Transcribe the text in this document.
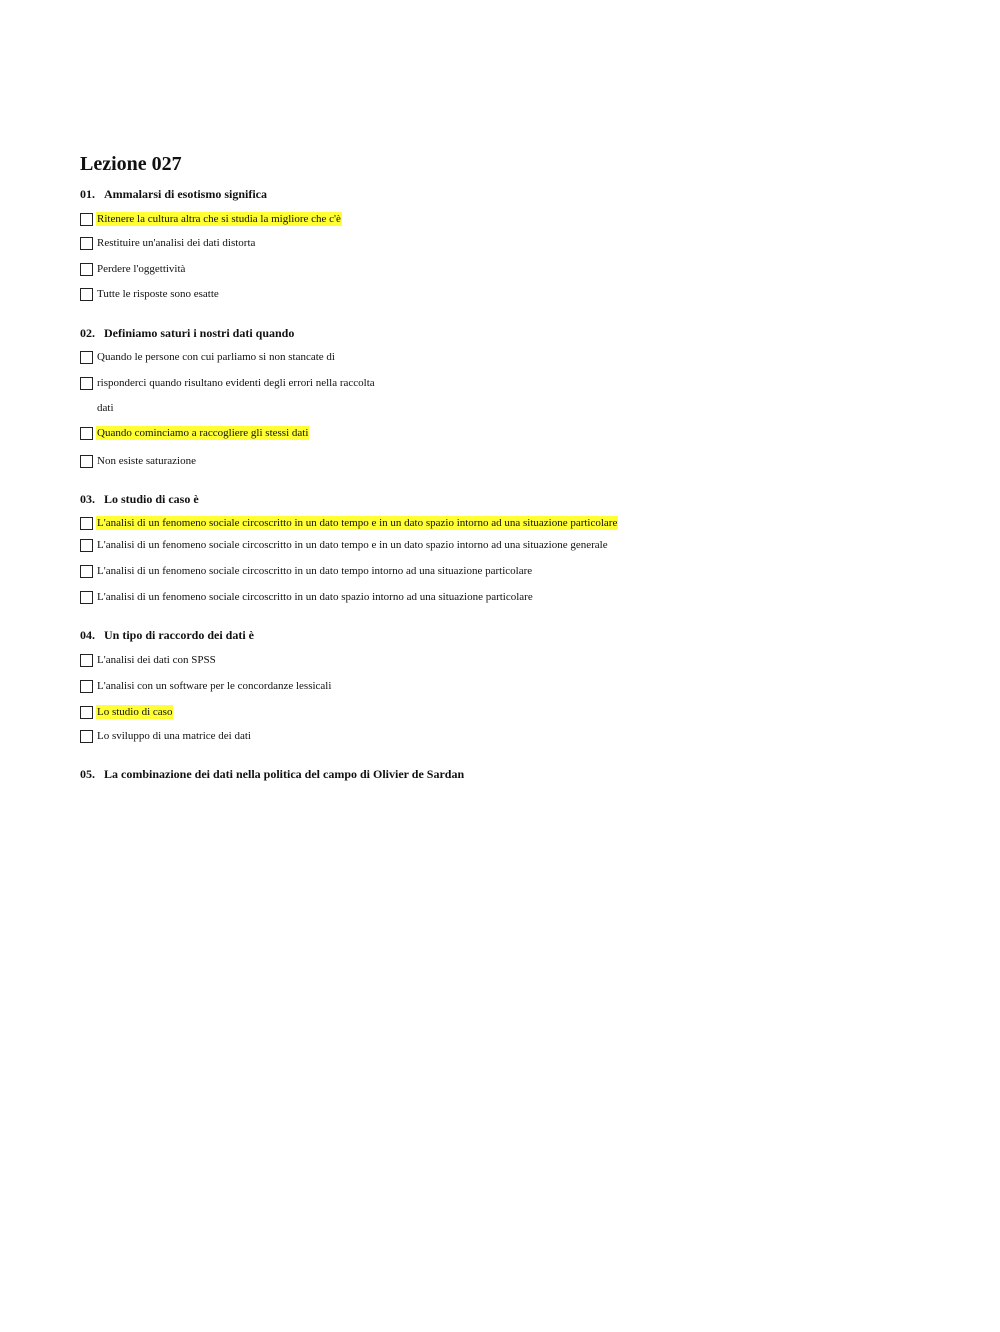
Lezione 027
01. Ammalarsi di esotismo significa
Ritenere la cultura altra che si studia la migliore che c'è
Restituire un'analisi dei dati distorta
Perdere l'oggettività
Tutte le risposte sono esatte
02. Definiamo saturi i nostri dati quando
Quando le persone con cui parliamo si non stancate di
risponderci quando risultano evidenti degli errori nella raccolta
dati
Quando cominciamo a raccogliere gli stessi dati
Non esiste saturazione
03. Lo studio di caso è
L'analisi di un fenomeno sociale circoscritto in un dato tempo e in un dato spazio intorno ad una situazione particolare
L'analisi di un fenomeno sociale circoscritto in un dato tempo e in un dato spazio intorno ad una situazione generale
L'analisi di un fenomeno sociale circoscritto in un dato tempo intorno ad una situazione particolare
L'analisi di un fenomeno sociale circoscritto in un dato spazio intorno ad una situazione particolare
04. Un tipo di raccordo dei dati è
L'analisi dei dati con SPSS
L'analisi con un software per le concordanze lessicali
Lo studio di caso
Lo sviluppo di una matrice dei dati
05. La combinazione dei dati nella politica del campo di Olivier de Sardan
